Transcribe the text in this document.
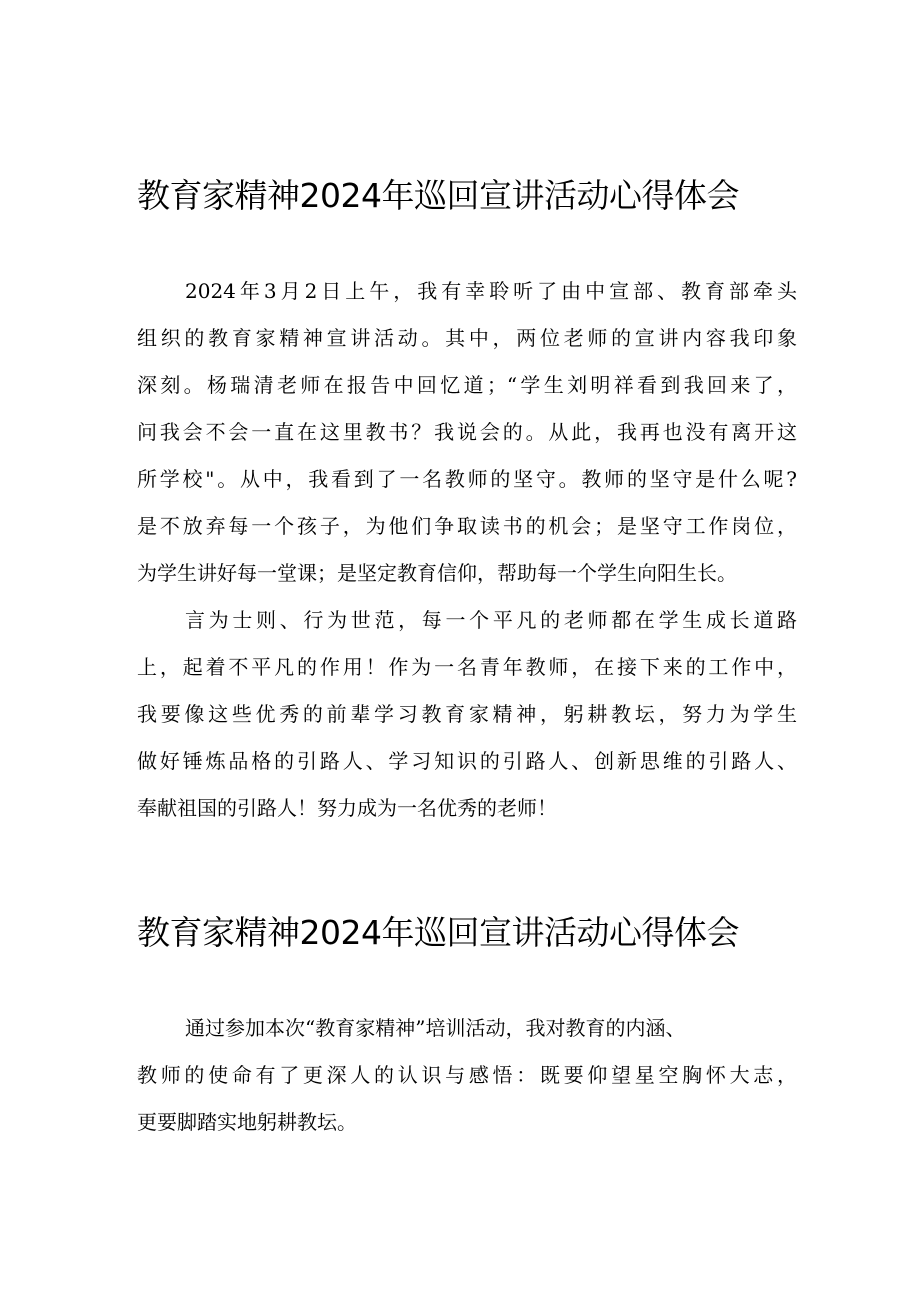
教育家精神2024年巡回宣讲活动心得体会

2024年3月2日上午，我有幸聆听了由中宣部、教育部牵头

组织的教育家精神宣讲活动。其中，两位老师的宣讲内容我印象

深刻。杨瑞清老师在报告中回忆道；“学生刘明祥看到我回来了，

问我会不会一直在这里教书？我说会的。从此，我再也没有离开这

所学校"。从中，我看到了一名教师的坚守。教师的坚守是什么呢?

是不放弃每一个孩子，为他们争取读书的机会；是坚守工作岗位，

为学生讲好每一堂课；是坚定教育信仰，帮助每一个学生向阳生长。

言为士则、行为世范，每一个平凡的老师都在学生成长道路

上，起着不平凡的作用！作为一名青年教师，在接下来的工作中，

我要像这些优秀的前辈学习教育家精神，躬耕教坛，努力为学生

做好锤炼品格的引路人、学习知识的引路人、创新思维的引路人、

奉献祖国的引路人！努力成为一名优秀的老师！

教育家精神2024年巡回宣讲活动心得体会

通过参加本次“教育家精神”培训活动，我对教育的内涵、

教师的使命有了更深人的认识与感悟：既要仰望星空胸怀大志，

更要脚踏实地躬耕教坛。
